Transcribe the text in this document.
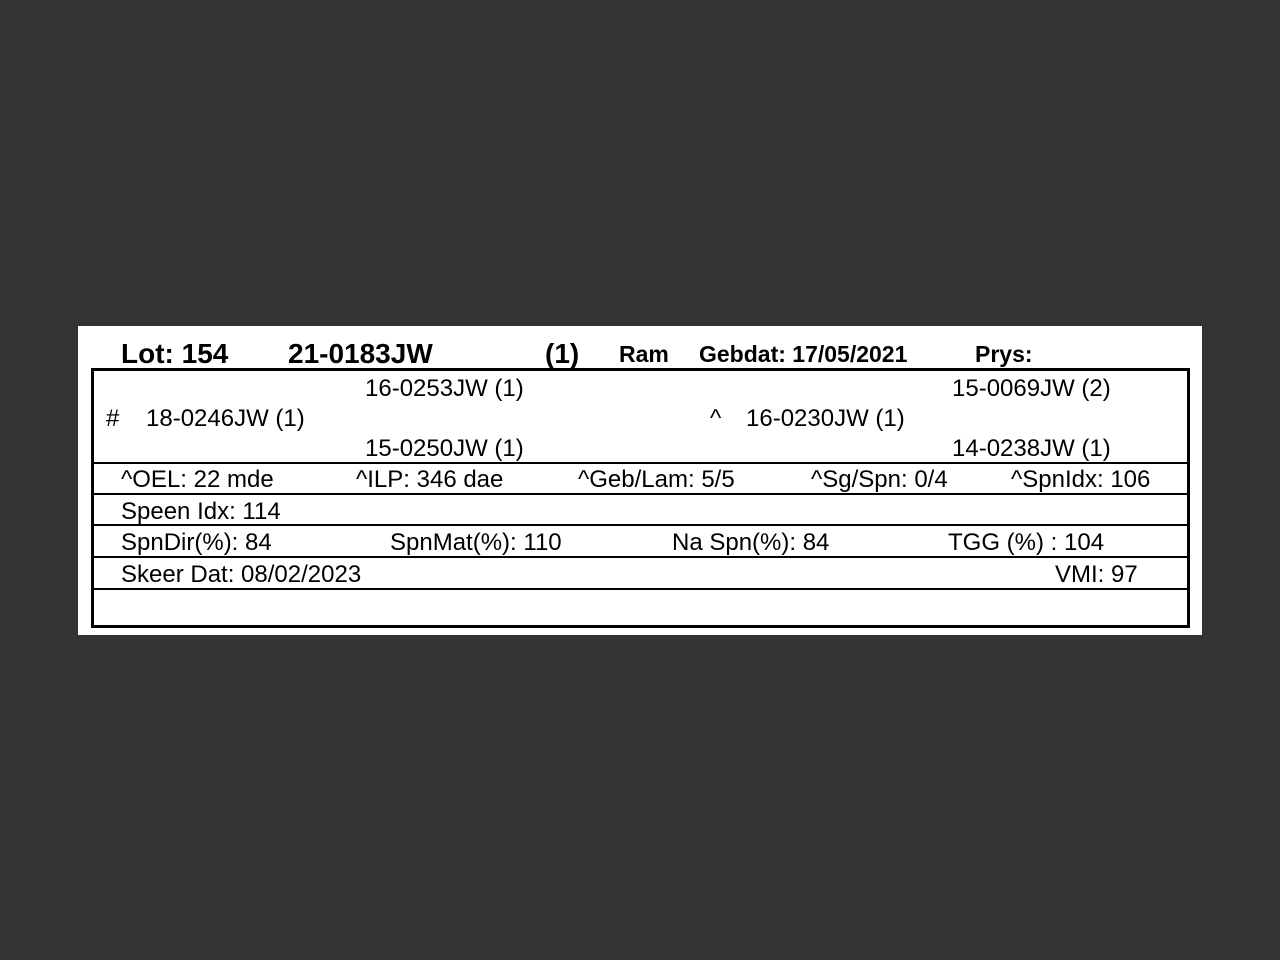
Lot: 154 21-0183JW	(1) Ram Gebdat: 17/05/2021	Prys:
16-0253JW (1)
# 18-0246JW (1)
15-0250JW (1)
15-0069JW (2)
^ 16-0230JW (1)
14-0238JW (1)
^OEL: 22 mde	^ILP: 346 dae	^Geb/Lam: 5/5	^Sg/Spn: 0/4	^SpnIdx: 106
Speen Idx: 114
SpnDir(%): 84	SpnMat(%): 110	Na Spn(%): 84	TGG (%) : 104
Skeer Dat: 08/02/2023	VMI: 97
